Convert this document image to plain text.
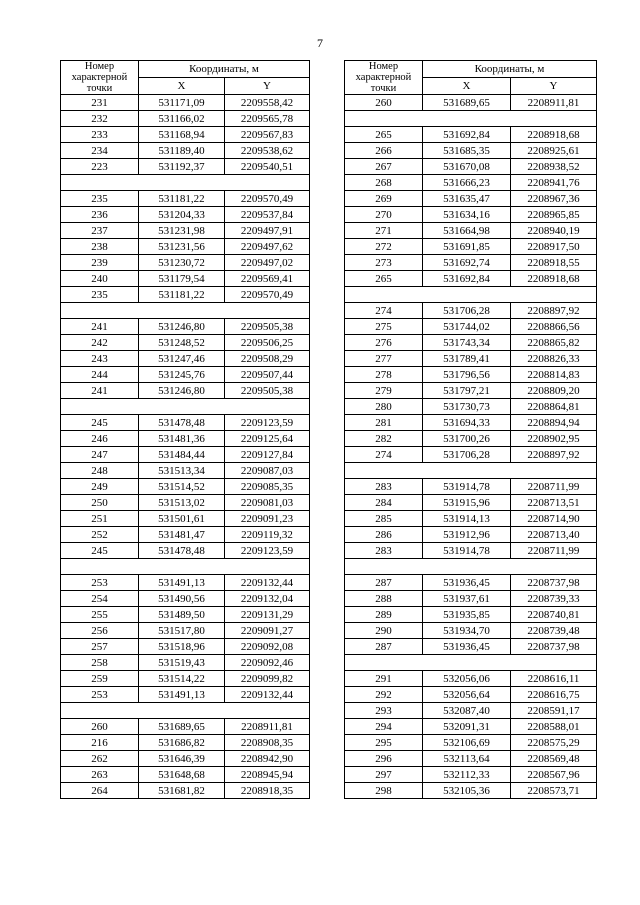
7
Номер
характерной
точки	Координаты, м	
	X	Y
231	531171,09	2209558,42
232	531166,02	2209565,78
233	531168,94	2209567,83
234	531189,40	2209538,62
223	531192,37	2209540,51

235	531181,22	2209570,49
236	531204,33	2209537,84
237	531231,98	2209497,91
238	531231,56	2209497,62
239	531230,72	2209497,02
240	531179,54	2209569,41
235	531181,22	2209570,49

241	531246,80	2209505,38
242	531248,52	2209506,25
243	531247,46	2209508,29
244	531245,76	2209507,44
241	531246,80	2209505,38

245	531478,48	2209123,59
246	531481,36	2209125,64
247	531484,44	2209127,84
248	531513,34	2209087,03
249	531514,52	2209085,35
250	531513,02	2209081,03
251	531501,61	2209091,23
252	531481,47	2209119,32
245	531478,48	2209123,59

253	531491,13	2209132,44
254	531490,56	2209132,04
255	531489,50	2209131,29
256	531517,80	2209091,27
257	531518,96	2209092,08
258	531519,43	2209092,46
259	531514,22	2209099,82
253	531491,13	2209132,44

260	531689,65	2208911,81
216	531686,82	2208908,35
262	531646,39	2208942,90
263	531648,68	2208945,94
264	531681,82	2208918,35
Номер
характерной
точки	Координаты, м	
	X	Y
260	531689,65	2208911,81

265	531692,84	2208918,68
266	531685,35	2208925,61
267	531670,08	2208938,52
268	531666,23	2208941,76
269	531635,47	2208967,36
270	531634,16	2208965,85
271	531664,98	2208940,19
272	531691,85	2208917,50
273	531692,74	2208918,55
265	531692,84	2208918,68

274	531706,28	2208897,92
275	531744,02	2208866,56
276	531743,34	2208865,82
277	531789,41	2208826,33
278	531796,56	2208814,83
279	531797,21	2208809,20
280	531730,73	2208864,81
281	531694,33	2208894,94
282	531700,26	2208902,95
274	531706,28	2208897,92

283	531914,78	2208711,99
284	531915,96	2208713,51
285	531914,13	2208714,90
286	531912,96	2208713,40
283	531914,78	2208711,99

287	531936,45	2208737,98
288	531937,61	2208739,33
289	531935,85	2208740,81
290	531934,70	2208739,48
287	531936,45	2208737,98

291	532056,06	2208616,11
292	532056,64	2208616,75
293	532087,40	2208591,17
294	532091,31	2208588,01
295	532106,69	2208575,29
296	532113,64	2208569,48
297	532112,33	2208567,96
298	532105,36	2208573,71
